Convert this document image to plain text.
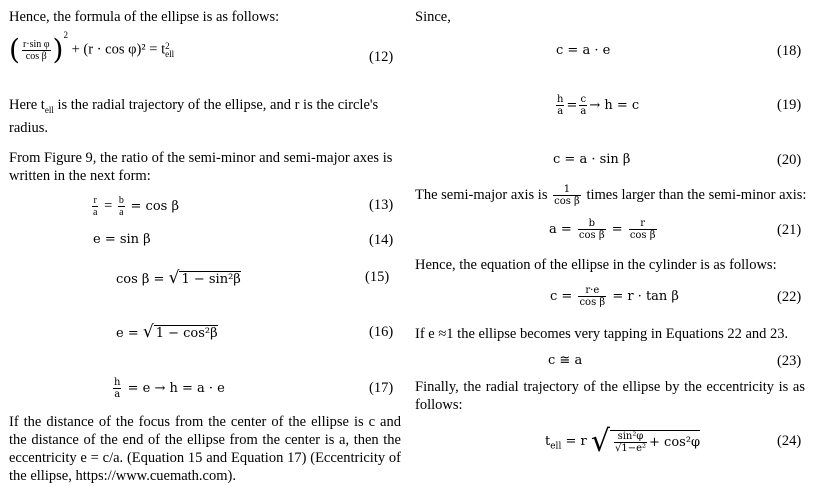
Hence, the formula of the ellipse is as follows:
( $\frac{\text{r·sin φ}}{\text{cos β}} )^2 + (r \cdot \cos \varphi)^2 = t$ 2
ell	(12)
Here $t_{ell}$ is the radial trajectory of the ellipse, and r is the circle's radius.
From Figure 9, the ratio of the semi-minor and semi-major axes is written in the next form:
$\frac{r}{a} = \frac{b}{a} = \cos \beta$	(13)
e = sin β	(14)
cos β = √ 1 − sin²β	(15)
e = √ 1 − cos²β	(16)
$\frac{h}{a} = e \to h = a \cdot e$	(17)
If the distance of the focus from the center of the ellipse is c and the distance of the end of the ellipse from the center is a, then the eccentricity e = c/a. (Equation 15 and Equation 17) (Eccentricity of the ellipse, https://www.cuemath.com).
Since,
c = a · e	(18)
$\frac{h}{a} = \frac{c}{a} \to h = c$	(19)
c = a · sin β	(20)
The semi-major axis is $\frac{1}{\text{cos β}}$ times larger than the semi-minor axis:
$a = \frac{b}{\text{cos β}} = \frac{r}{\text{cos β}}$	(21)
Hence, the equation of the ellipse in the cylinder is as follows:
$c = \frac{r\cdot e}{\text{cos β}} = r \cdot \tan \beta$	(22)
If e ≈1 the ellipse becomes very tapping in Equations 22 and 23.
c ≅ a	(23)
Finally, the radial trajectory of the ellipse by the eccentricity is as follows:
$t_{ell} = r$ √ $\frac{\text{sin²φ}}{\text{√1−e²}} + \cos^2\varphi$	(24)
